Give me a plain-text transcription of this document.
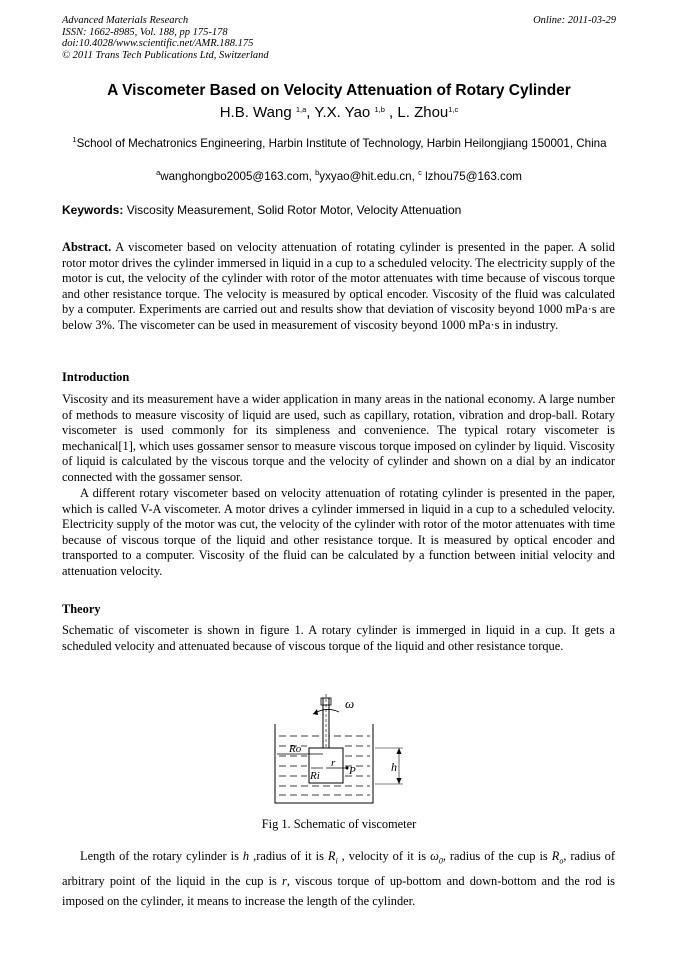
Advanced Materials Research
ISSN: 1662-8985, Vol. 188, pp 175-178
doi:10.4028/www.scientific.net/AMR.188.175
© 2011 Trans Tech Publications Ltd, Switzerland
Online: 2011-03-29
A Viscometer Based on Velocity Attenuation of Rotary Cylinder
H.B. Wang $^{1,a}$, Y.X. Yao $^{1,b}$ , L. Zhou$^{1,c}$
$^1$School of Mechatronics Engineering, Harbin Institute of Technology, Harbin Heilongjiang 150001, China
$^a$wanghongbo2005@163.com, $^b$yxyao@hit.edu.cn, $^c$ lzhou75@163.com
Keywords: Viscosity Measurement, Solid Rotor Motor, Velocity Attenuation
Abstract. A viscometer based on velocity attenuation of rotating cylinder is presented in the paper. A solid rotor motor drives the cylinder immersed in liquid in a cup to a scheduled velocity. The electricity supply of the motor is cut, the velocity of the cylinder with rotor of the motor attenuates with time because of viscous torque and other resistance torque. The velocity is measured by optical encoder. Viscosity of the fluid was calculated by a computer. Experiments are carried out and results show that deviation of viscosity beyond 1000 mPa·s are below 3%. The viscometer can be used in measurement of viscosity beyond 1000 mPa·s in industry.
Introduction
Viscosity and its measurement have a wider application in many areas in the national economy. A large number of methods to measure viscosity of liquid are used, such as capillary, rotation, vibration and drop-ball. Rotary viscometer is used commonly for its simpleness and convenience. The typical rotary viscometer is mechanical[1], which uses gossamer sensor to measure viscous torque imposed on cylinder by liquid. Viscosity of liquid is calculated by the viscous torque and the velocity of cylinder and shown on a dial by an indicator connected with the gossamer sensor.
A different rotary viscometer based on velocity attenuation of rotating cylinder is presented in the paper, which is called V-A viscometer. A motor drives a cylinder immersed in liquid in a cup to a scheduled velocity. Electricity supply of the motor was cut, the velocity of the cylinder with rotor of the motor attenuates with time because of viscous torque of the liquid and other resistance torque. It is measured by optical encoder and transported to a computer. Viscosity of the fluid can be calculated by a function between initial velocity and attenuation velocity.
Theory
Schematic of viscometer is shown in figure 1. A rotary cylinder is immerged in liquid in a cup. It gets a scheduled velocity and attenuated because of viscous torque of the liquid and other resistance torque.
ω
Ro
Ri
r
P	h
Fig 1. Schematic of viscometer
Length of the rotary cylinder is h ,radius of it is $R_i$ , velocity of it is $\omega_0$, radius of the cup is $R_o$, radius of arbitrary point of the liquid in the cup is r, viscous torque of up-bottom and down-bottom and the rod is imposed on the cylinder, it means to increase the length of the cylinder.
